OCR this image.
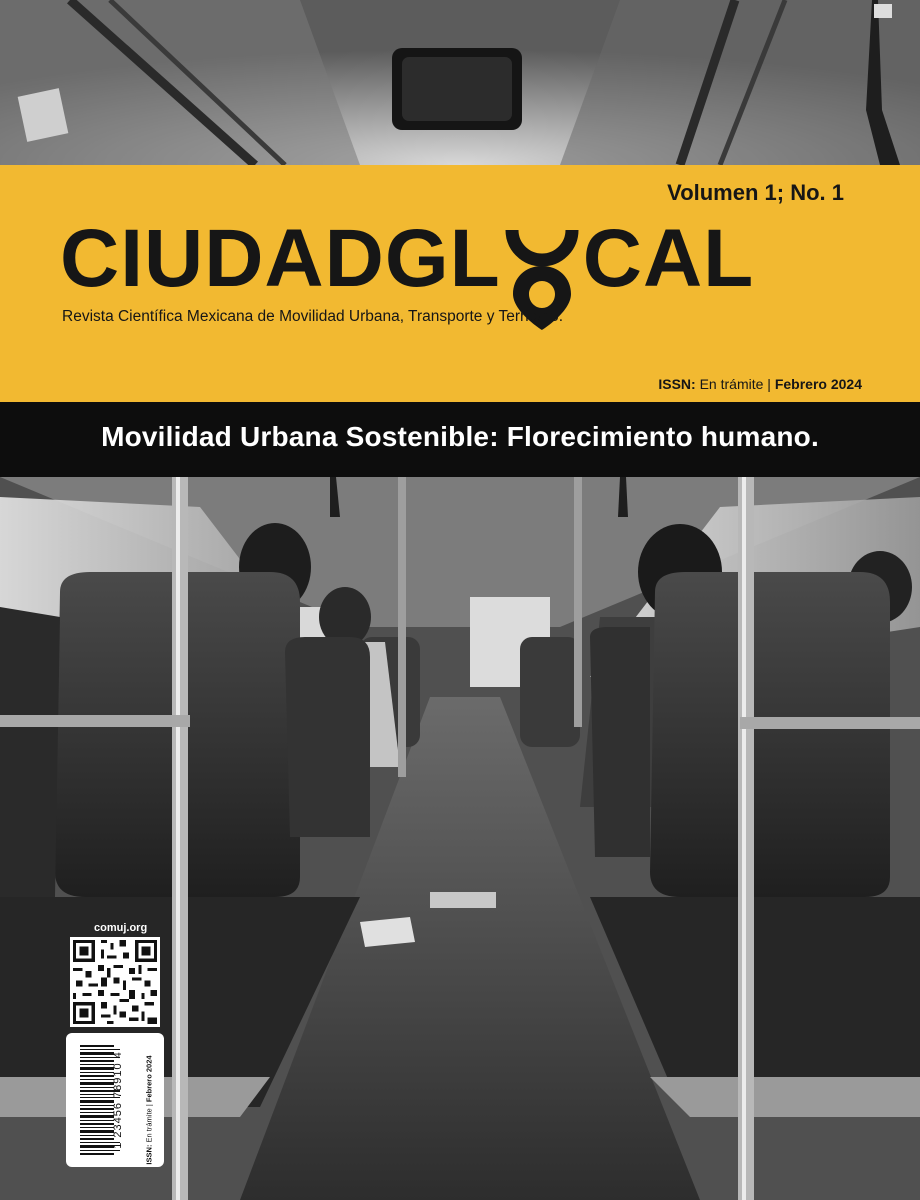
Volumen 1; No. 1
CIUDADGL CAL
Revista Científica Mexicana de Movilidad Urbana, Transporte y Territorio.
ISSN: En trámite | Febrero 2024
Movilidad Urbana Sostenible: Florecimiento humano.
comuj.org
1 23456 78910 4
ISSN: En trámite | Febrero 2024
